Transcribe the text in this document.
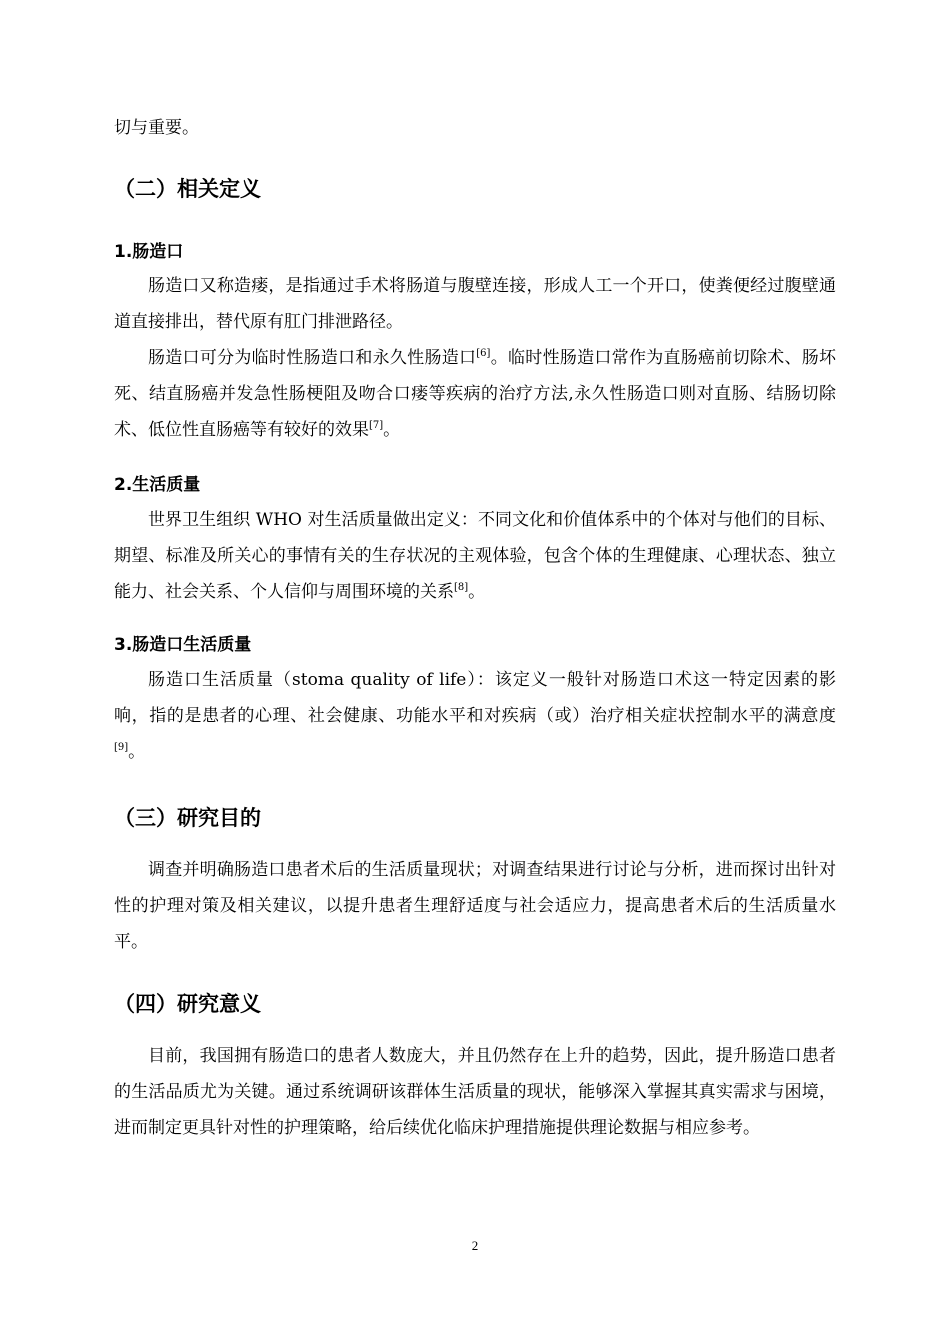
切与重要。

（二）相关定义
1.肠造口

肠造口又称造瘘，是指通过手术将肠道与腹壁连接，形成人工一个开口，使粪便经过腹壁通道直接排出，替代原有肛门排泄路径。

肠造口可分为临时性肠造口和永久性肠造口[6]。临时性肠造口常作为直肠癌前切除术、肠坏死、结直肠癌并发急性肠梗阻及吻合口瘘等疾病的治疗方法,永久性肠造口则对直肠、结肠切除术、低位性直肠癌等有较好的效果[7]。

2.生活质量

世界卫生组织 WHO 对生活质量做出定义：不同文化和价值体系中的个体对与他们的目标、期望、标准及所关心的事情有关的生存状况的主观体验，包含个体的生理健康、心理状态、独立能力、社会关系、个人信仰与周围环境的关系[8]。

3.肠造口生活质量

肠造口生活质量（stoma quality of life）：该定义一般针对肠造口术这一特定因素的影响，指的是患者的心理、社会健康、功能水平和对疾病（或）治疗相关症状控制水平的满意度[9]。

（三）研究目的

调查并明确肠造口患者术后的生活质量现状；对调查结果进行讨论与分析，进而探讨出针对性的护理对策及相关建议，以提升患者生理舒适度与社会适应力，提高患者术后的生活质量水平。

（四）研究意义

目前，我国拥有肠造口的患者人数庞大，并且仍然存在上升的趋势，因此，提升肠造口患者的生活品质尤为关键。通过系统调研该群体生活质量的现状，能够深入掌握其真实需求与困境，进而制定更具针对性的护理策略，给后续优化临床护理措施提供理论数据与相应参考。

2
